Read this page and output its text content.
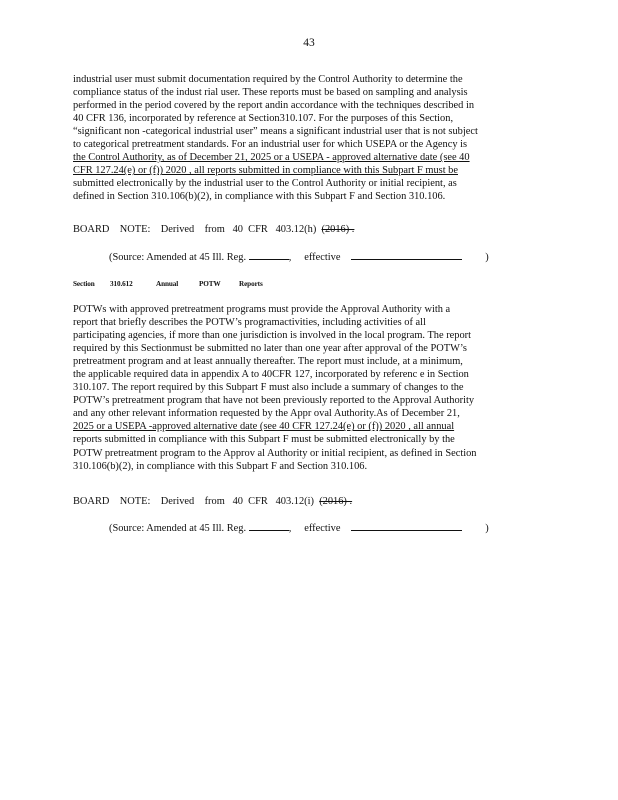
43
industrial user must submit documentation required by the Control Authority to determine the
compliance status of the indust rial user. These reports must be based on sampling and analysis
performed in the period covered by the report andin accordance with the techniques described in
40 CFR 136, incorporated by reference at Section310.107. For the purposes of this Section,
“significant non -categorical industrial user” means a significant industrial user that is not subject
to categorical pretreatment standards. For an industrial user for which USEPA or the Agency is
the Control Authority, as of December 21, 2025 or a USEPA - approved alternative date (see 40
CFR 127.24(e) or (f)) 2020 , all reports submitted in compliance with this Subpart F must be
submitted electronically by the industrial user to the Control Authority or initial recipient, as
defined in Section 310.106(b)(2), in compliance with this Subpart F and Section 310.106.
BOARD    NOTE:    Derived    from   40  CFR   403.12(h)  (2016) .
(Source: Amended at 45 Ill. Reg.	, effective	)
Section 310.612	Annual	POTW	Reports
POTWs with approved pretreatment programs must provide the Approval Authority with a
report that briefly describes the POTW’s programactivities, including activities of all
participating agencies, if more than one jurisdiction is involved in the local program. The report
required by this Sectionmust be submitted no later than one year after approval of the POTW’s
pretreatment program and at least annually thereafter. The report must include, at a minimum,
the applicable required data in appendix A to 40CFR 127, incorporated by referenc e in Section
310.107. The report required by this Subpart F must also include a summary of changes to the
POTW’s pretreatment program that have not been previously reported to the Approval Authority
and any other relevant information requested by the Appr oval Authority.As of December 21,
2025 or a USEPA -approved alternative date (see 40 CFR 127.24(e) or (f)) 2020 , all annual
reports submitted in compliance with this Subpart F must be submitted electronically by the
POTW pretreatment program to the Approv al Authority or initial recipient, as defined in Section
310.106(b)(2), in compliance with this Subpart F and Section 310.106.
BOARD    NOTE:    Derived    from   40  CFR   403.12(i)  (2016) .
(Source: Amended at 45 Ill. Reg.	, effective	)
